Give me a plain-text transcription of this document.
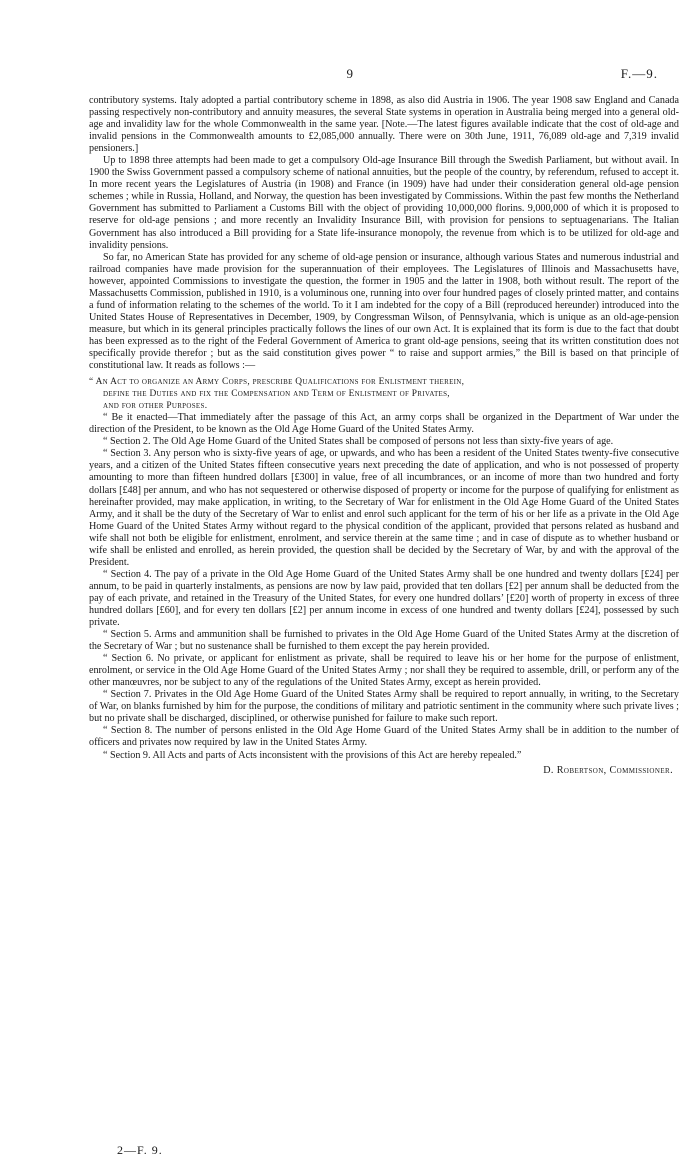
9	F.—9.

contributory systems. Italy adopted a partial contributory scheme in 1898, as also did Austria in 1906. The year 1908 saw England and Canada passing respectively non-contributory and annuity measures, the several State systems in operation in Australia being merged into a general old-age and invalidity law for the whole Commonwealth in the same year. [Note.—The latest figures available indicate that the cost of old-age and invalid pensions in the Commonwealth amounts to £2,085,000 annually. There were on 30th June, 1911, 76,089 old-age and 7,319 invalid pensioners.]

Up to 1898 three attempts had been made to get a compulsory Old-age Insurance Bill through the Swedish Parliament, but without avail. In 1900 the Swiss Government passed a compulsory scheme of national annuities, but the people of the country, by referendum, refused to accept it. In more recent years the Legislatures of Austria (in 1908) and France (in 1909) have had under their consideration general old-age pension schemes ; while in Russia, Holland, and Norway, the question has been investigated by Commissions. Within the past few months the Netherland Government has submitted to Parliament a Customs Bill with the object of providing 10,000,000 florins. 9,000,000 of which it is proposed to reserve for old-age pensions ; and more recently an Invalidity Insurance Bill, with provision for pensions to septuagenarians. The Italian Government has also introduced a Bill providing for a State life-insurance monopoly, the revenue from which is to be utilized for old-age and invalidity pensions.

So far, no American State has provided for any scheme of old-age pension or insurance, although various States and numerous industrial and railroad companies have made provision for the superannuation of their employees. The Legislatures of Illinois and Massachusetts have, however, appointed Commissions to investigate the question, the former in 1905 and the latter in 1908, both without result. The report of the Massachusetts Commission, published in 1910, is a voluminous one, running into over four hundred pages of closely printed matter, and contains a fund of information relating to the schemes of the world. To it I am indebted for the copy of a Bill (reproduced hereunder) introduced into the United States House of Representatives in December, 1909, by Congressman Wilson, of Pennsylvania, which is unique as an old-age-pension measure, but which in its general principles practically follows the lines of our own Act. It is explained that its form is due to the fact that doubt has been expressed as to the right of the Federal Government of America to grant old-age pensions, seeing that its written constitution does not specifically provide therefor ; but as the said constitution gives power “ to raise and support armies,” the Bill is based on that principle of constitutional law. It reads as follows :—

“ An Act to organize an Army Corps, prescribe Qualifications for Enlistment therein,
define the Duties and fix the Compensation and Term of Enlistment of Privates,
and for other Purposes.

“ Be it enacted—That immediately after the passage of this Act, an army corps shall be organized in the Department of War under the direction of the President, to be known as the Old Age Home Guard of the United States Army.

“ Section 2. The Old Age Home Guard of the United States shall be composed of persons not less than sixty-five years of age.

“ Section 3. Any person who is sixty-five years of age, or upwards, and who has been a resident of the United States twenty-five consecutive years, and a citizen of the United States fifteen consecutive years next preceding the date of application, and who is not possessed of property amounting to more than fifteen hundred dollars [£300] in value, free of all incumbrances, or an income of more than two hundred and forty dollars [£48] per annum, and who has not sequestered or otherwise disposed of property or income for the purpose of qualifying for enlistment as hereinafter provided, may make application, in writing, to the Secretary of War for enlistment in the Old Age Home Guard of the United States Army, and it shall be the duty of the Secretary of War to enlist and enrol such applicant for the term of his or her life as a private in the Old Age Home Guard of the United States Army without regard to the physical condition of the applicant, provided that persons related as husband and wife shall not both be eligible for enlistment, enrolment, and service therein at the same time ; and in case of dispute as to whether husband or wife shall be enlisted and enrolled, as herein provided, the question shall be decided by the Secretary of War, by and with the approval of the President.

“ Section 4. The pay of a private in the Old Age Home Guard of the United States Army shall be one hundred and twenty dollars [£24] per annum, to be paid in quarterly instalments, as pensions are now by law paid, provided that ten dollars [£2] per annum shall be deducted from the pay of each private, and retained in the Treasury of the United States, for every one hundred dollars’ [£20] worth of property in excess of three hundred dollars [£60], and for every ten dollars [£2] per annum income in excess of one hundred and twenty dollars [£24], possessed by such private.

“ Section 5. Arms and ammunition shall be furnished to privates in the Old Age Home Guard of the United States Army at the discretion of the Secretary of War ; but no sustenance shall be furnished to them except the pay herein provided.

“ Section 6. No private, or applicant for enlistment as private, shall be required to leave his or her home for the purpose of enlistment, enrolment, or service in the Old Age Home Guard of the United States Army ; nor shall they be required to assemble, drill, or perform any of the other manœuvres, nor be subject to any of the regulations of the United States Army, except as herein provided.

“ Section 7. Privates in the Old Age Home Guard of the United States Army shall be required to report annually, in writing, to the Secretary of War, on blanks furnished by him for the purpose, the conditions of military and patriotic sentiment in the community where such private lives ; but no private shall be discharged, disciplined, or otherwise punished for failure to make such report.

“ Section 8. The number of persons enlisted in the Old Age Home Guard of the United States Army shall be in addition to the number of officers and privates now required by law in the United States Army.

“ Section 9. All Acts and parts of Acts inconsistent with the provisions of this Act are hereby repealed.”

D. Robertson, Commissioner.
2—F. 9.
